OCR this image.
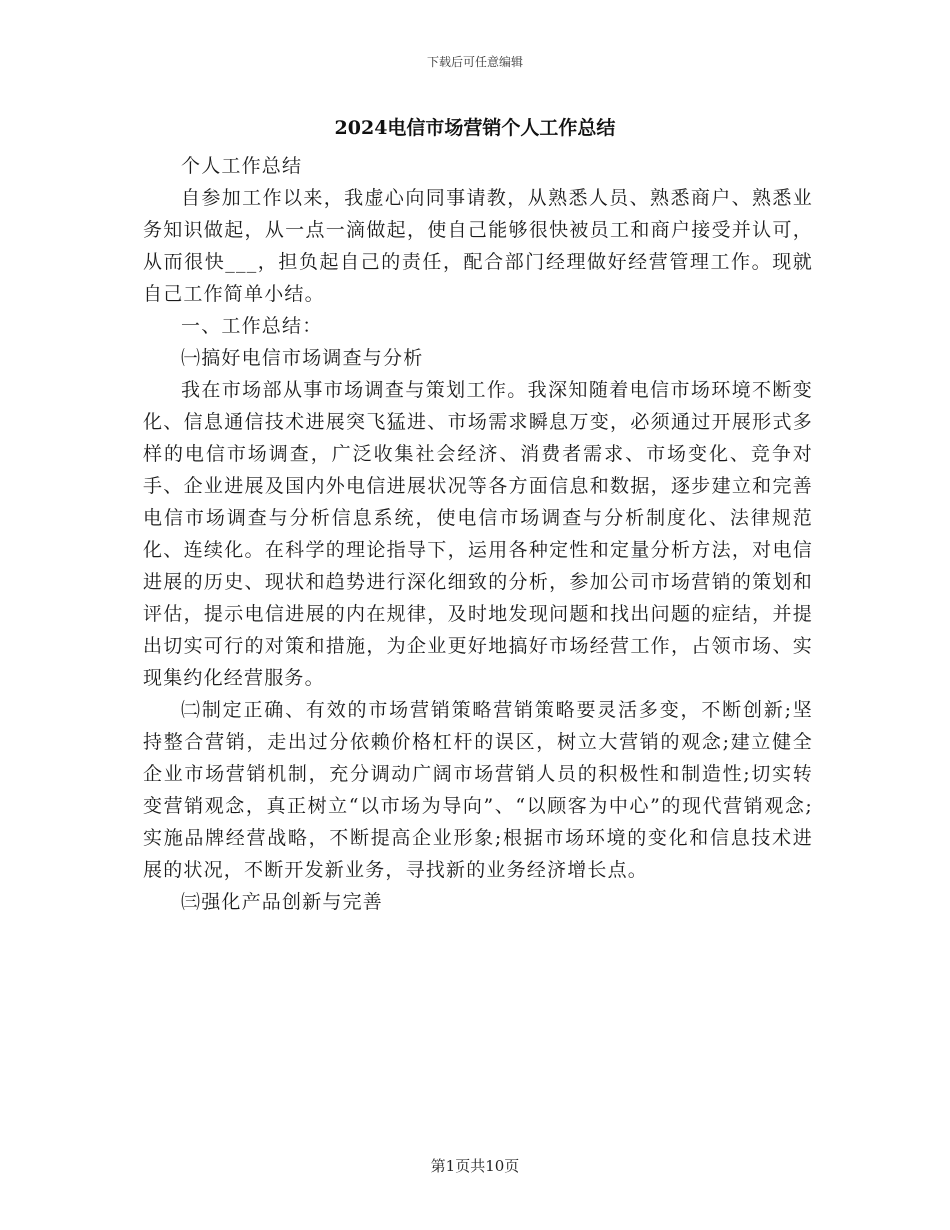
下载后可任意编辑
2024电信市场营销个人工作总结

个人工作总结

自参加工作以来，我虚心向同事请教，从熟悉人员、熟悉商户、熟悉业务知识做起，从一点一滴做起，使自己能够很快被员工和商户接受并认可，从而很快___，担负起自己的责任，配合部门经理做好经营管理工作。现就自己工作简单小结。

一、工作总结：

㈠搞好电信市场调查与分析

我在市场部从事市场调查与策划工作。我深知随着电信市场环境不断变化、信息通信技术进展突飞猛进、市场需求瞬息万变，必须通过开展形式多样的电信市场调查，广泛收集社会经济、消费者需求、市场变化、竞争对手、企业进展及国内外电信进展状况等各方面信息和数据，逐步建立和完善电信市场调查与分析信息系统，使电信市场调查与分析制度化、法律规范化、连续化。在科学的理论指导下，运用各种定性和定量分析方法，对电信进展的历史、现状和趋势进行深化细致的分析，参加公司市场营销的策划和评估，提示电信进展的内在规律，及时地发现问题和找出问题的症结，并提出切实可行的对策和措施，为企业更好地搞好市场经营工作，占领市场、实现集约化经营服务。

㈡制定正确、有效的市场营销策略营销策略要灵活多变，不断创新;坚持整合营销，走出过分依赖价格杠杆的误区，树立大营销的观念;建立健全企业市场营销机制，充分调动广阔市场营销人员的积极性和制造性;切实转变营销观念，真正树立“以市场为导向”、“以顾客为中心”的现代营销观念;实施品牌经营战略，不断提高企业形象;根据市场环境的变化和信息技术进展的状况，不断开发新业务，寻找新的业务经济增长点。

㈢强化产品创新与完善

第1页共10页
